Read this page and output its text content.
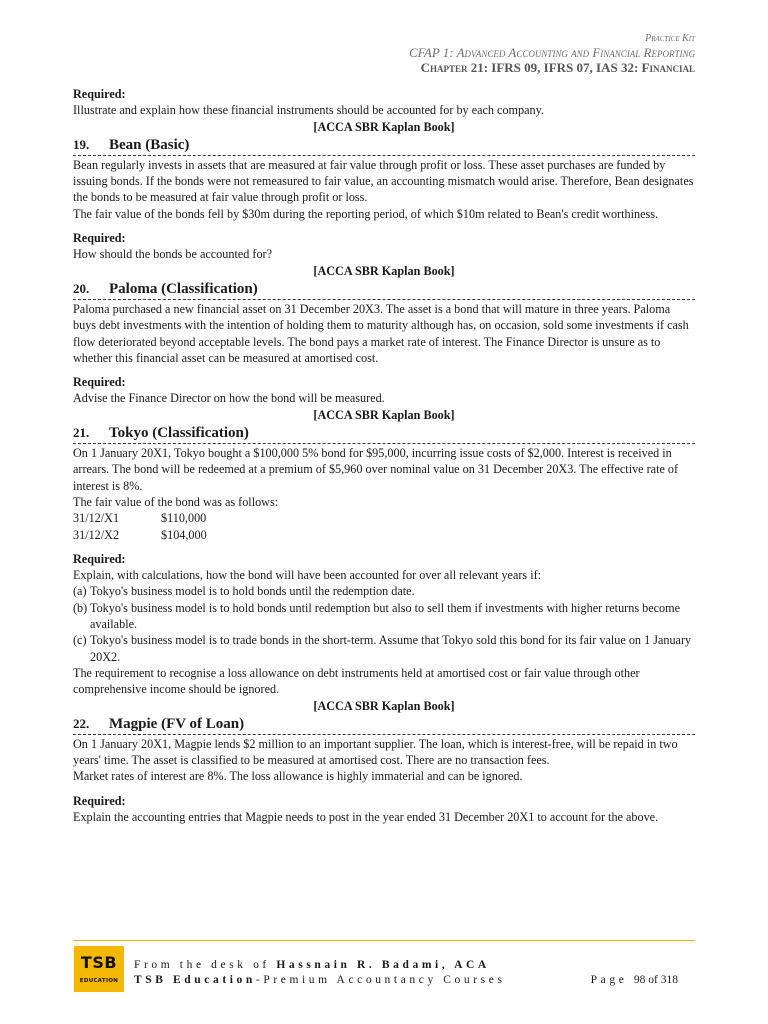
Practice Kit
CFAP 1: Advanced Accounting and Financial Reporting
Chapter 21: IFRS 09, IFRS 07, IAS 32: Financial

Required:

Illustrate and explain how these financial instruments should be accounted for by each company.

[ACCA SBR Kaplan Book]

19. Bean (Basic)

Bean regularly invests in assets that are measured at fair value through profit or loss. These asset purchases are funded by issuing bonds. If the bonds were not remeasured to fair value, an accounting mismatch would arise. Therefore, Bean designates the bonds to be measured at fair value through profit or loss.

The fair value of the bonds fell by $30m during the reporting period, of which $10m related to Bean's credit worthiness.

Required:

How should the bonds be accounted for?

[ACCA SBR Kaplan Book]

20. Paloma (Classification)

Paloma purchased a new financial asset on 31 December 20X3. The asset is a bond that will mature in three years. Paloma buys debt investments with the intention of holding them to maturity although has, on occasion, sold some investments if cash flow deteriorated beyond acceptable levels. The bond pays a market rate of interest. The Finance Director is unsure as to whether this financial asset can be measured at amortised cost.

Required:

Advise the Finance Director on how the bond will be measured.

[ACCA SBR Kaplan Book]

21. Tokyo (Classification)

On 1 January 20X1, Tokyo bought a $100,000 5% bond for $95,000, incurring issue costs of $2,000. Interest is received in arrears. The bond will be redeemed at a premium of $5,960 over nominal value on 31 December 20X3. The effective rate of interest is 8%.

The fair value of the bond was as follows:

31/12/X1	$110,000
31/12/X2	$104,000

Required:

Explain, with calculations, how the bond will have been accounted for over all relevant years if:

(a) Tokyo's business model is to hold bonds until the redemption date.
(b) Tokyo's business model is to hold bonds until redemption but also to sell them if investments with higher returns become available.
(c) Tokyo's business model is to trade bonds in the short-term. Assume that Tokyo sold this bond for its fair value on 1 January 20X2.

The requirement to recognise a loss allowance on debt instruments held at amortised cost or fair value through other comprehensive income should be ignored.

[ACCA SBR Kaplan Book]

22. Magpie (FV of Loan)

On 1 January 20X1, Magpie lends $2 million to an important supplier. The loan, which is interest-free, will be repaid in two years' time. The asset is classified to be measured at amortised cost. There are no transaction fees.

Market rates of interest are 8%. The loss allowance is highly immaterial and can be ignored.

Required:

Explain the accounting entries that Magpie needs to post in the year ended 31 December 20X1 to account for the above.

TSB
EDUCATION
From the desk of Hassnain R. Badami, ACA
TSB Education-Premium Accountancy Courses	Page 98 of 318
